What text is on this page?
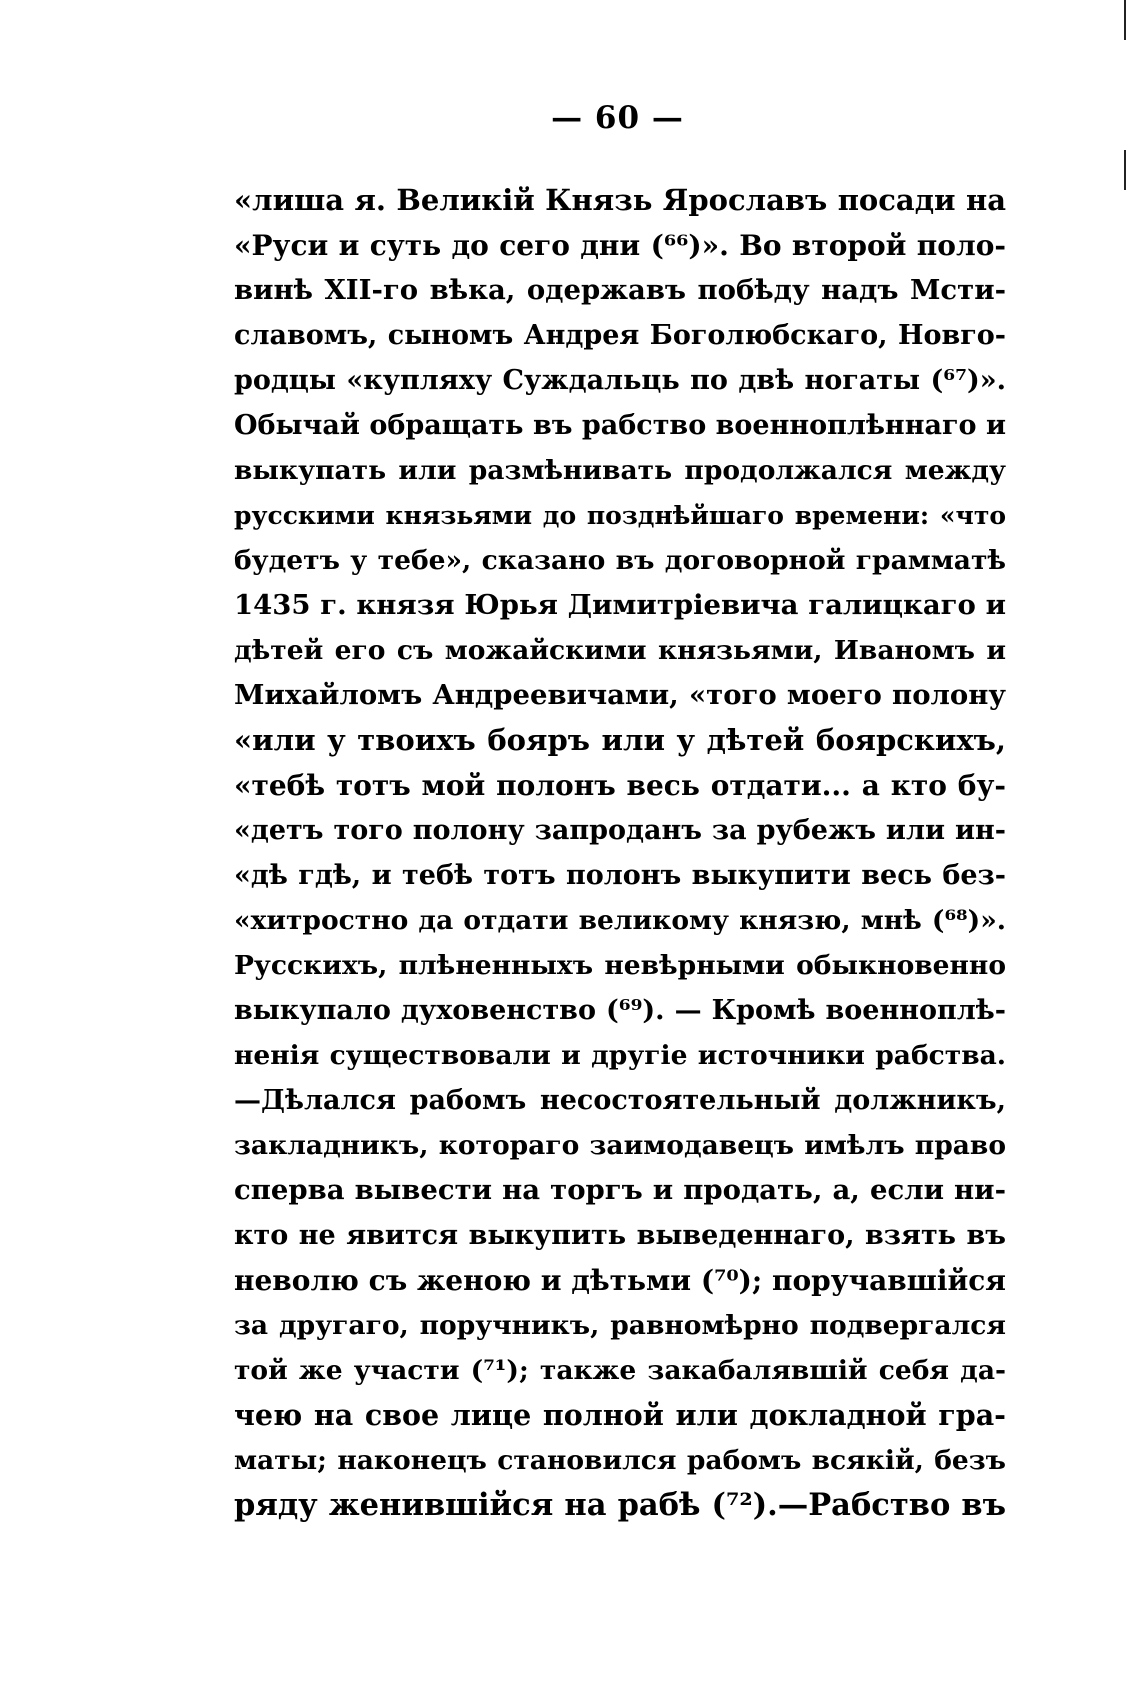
— 60 —
«лиша я. Великій Князь Ярославъ посади на
«Руси и суть до сего дни (⁶⁶)». Во второй поло-
винѣ XII-го вѣка, одержавъ побѣду надъ Мсти-
славомъ, сыномъ Андрея Боголюбскаго, Новго-
родцы «купляху Суждальць по двѣ ногаты (⁶⁷)».
Обычай обращать въ рабство военноплѣннаго и
выкупать или размѣнивать продолжался между
русскими князьями до позднѣйшаго времени: «что
будетъ у тебе», сказано въ договорной грамматѣ
1435 г. князя Юрья Димитріевича галицкаго и
дѣтей его съ можайскими князьями, Иваномъ и
Михайломъ Андреевичами, «того моего полону
«или у твоихъ бояръ или у дѣтей боярскихъ,
«тебѣ тотъ мой полонъ весь отдати... а кто бу-
«детъ того полону запроданъ за рубежъ или ин-
«дѣ гдѣ, и тебѣ тотъ полонъ выкупити весь без-
«хитростно да отдати великому князю, мнѣ (⁶⁸)».
Русскихъ, плѣненныхъ невѣрными обыкновенно
выкупало духовенство (⁶⁹). — Кромѣ военноплѣ-
ненія существовали и другіе источники рабства.
—Дѣлался рабомъ несостоятельный должникъ,
закладникъ, котораго заимодавецъ имѣлъ право
сперва вывести на торгъ и продать, а, если ни-
кто не явится выкупить выведеннаго, взять въ
неволю съ женою и дѣтьми (⁷⁰); поручавшійся
за другаго, поручникъ, равномѣрно подвергался
той же участи (⁷¹); также закабалявшій себя да-
чею на свое лице полной или докладной гра-
маты; наконецъ становился рабомъ всякій, безъ
ряду женившійся на рабѣ (⁷²).—Рабство въ
